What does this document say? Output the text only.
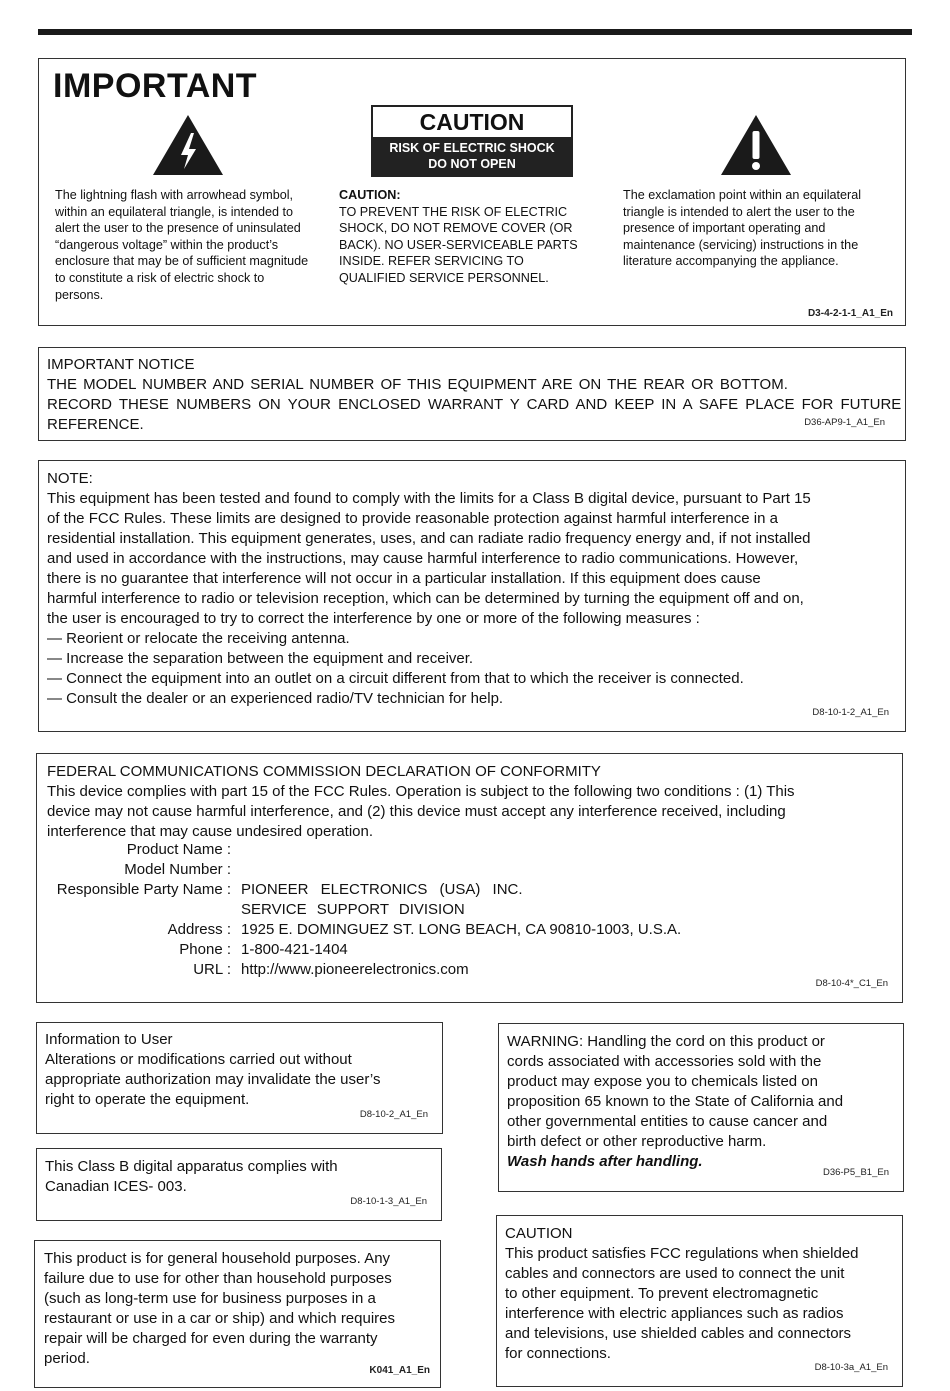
IMPORTANT
CAUTION
RISK OF ELECTRIC SHOCK
DO NOT OPEN

The lightning flash with arrowhead symbol, within an equilateral triangle, is intended to alert the user to the presence of uninsulated “dangerous voltage” within the product’s enclosure that may be of sufficient magnitude to constitute a risk of electric shock to persons.

CAUTION:

TO PREVENT THE RISK OF ELECTRIC SHOCK, DO NOT REMOVE COVER (OR BACK). NO USER-SERVICEABLE PARTS INSIDE. REFER SERVICING TO QUALIFIED SERVICE PERSONNEL.

The exclamation point within an equilateral triangle is intended to alert the user to the presence of important operating and maintenance (servicing) instructions in the literature accompanying the appliance.

D3-4-2-1-1_A1_En
IMPORTANT NOTICE
THE MODEL NUMBER AND SERIAL NUMBER OF THIS EQUIPMENT ARE ON THE REAR OR BOTTOM.
RECORD THESE NUMBERS ON YOUR ENCLOSED WARRANT Y CARD AND KEEP IN A SAFE PLACE FOR FUTURE
REFERENCE.	D36-AP9-1_A1_En
NOTE:
This equipment has been tested and found to comply with the limits for a Class B digital device, pursuant to Part 15
of the FCC Rules. These limits are designed to provide reasonable protection against harmful interference in a
residential installation. This equipment generates, uses, and can radiate radio frequency energy and, if not installed
and used in accordance with the instructions, may cause harmful interference to radio communications. However,
there is no guarantee that interference will not occur in a particular installation. If this equipment does cause
harmful interference to radio or television reception, which can be determined by turning the equipment off and on,
the user is encouraged to try to correct the interference by one or more of the following measures :
— Reorient or relocate the receiving antenna.
— Increase the separation between the equipment and receiver.
— Connect the equipment into an outlet on a circuit different from that to which the receiver is connected.
— Consult the dealer or an experienced radio/TV technician for help.
D8-10-1-2_A1_En
FEDERAL COMMUNICATIONS COMMISSION DECLARATION OF CONFORMITY
This device complies with part 15 of the FCC Rules. Operation is subject to the following two conditions : (1) This
device may not cause harmful interference, and (2) this device must accept any interference received, including
interference that may cause undesired operation.
Product Name :
Model Number :
Responsible Party Name : PIONEER ELECTRONICS (USA) INC.
SERVICE SUPPORT DIVISION
Address : 1925 E. DOMINGUEZ ST. LONG BEACH, CA 90810-1003, U.S.A.
Phone : 1-800-421-1404
URL : http://www.pioneerelectronics.com
D8-10-4*_C1_En
Information to User
Alterations or modifications carried out without
appropriate authorization may invalidate the user’s
right to operate the equipment.
D8-10-2_A1_En
This Class B digital apparatus complies with
Canadian ICES- 003.
D8-10-1-3_A1_En
This product is for general household purposes. Any
failure due to use for other than household purposes
(such as long-term use for business purposes in a
restaurant or use in a car or ship) and which requires
repair will be charged for even during the warranty
period.
K041_A1_En
WARNING: Handling the cord on this product or
cords associated with accessories sold with the
product may expose you to chemicals listed on
proposition 65 known to the State of California and
other governmental entities to cause cancer and
birth defect or other reproductive harm.
Wash hands after handling.
D36-P5_B1_En
CAUTION
This product satisfies FCC regulations when shielded
cables and connectors are used to connect the unit
to other equipment. To prevent electromagnetic
interference with electric appliances such as radios
and televisions, use shielded cables and connectors
for connections.
D8-10-3a_A1_En
